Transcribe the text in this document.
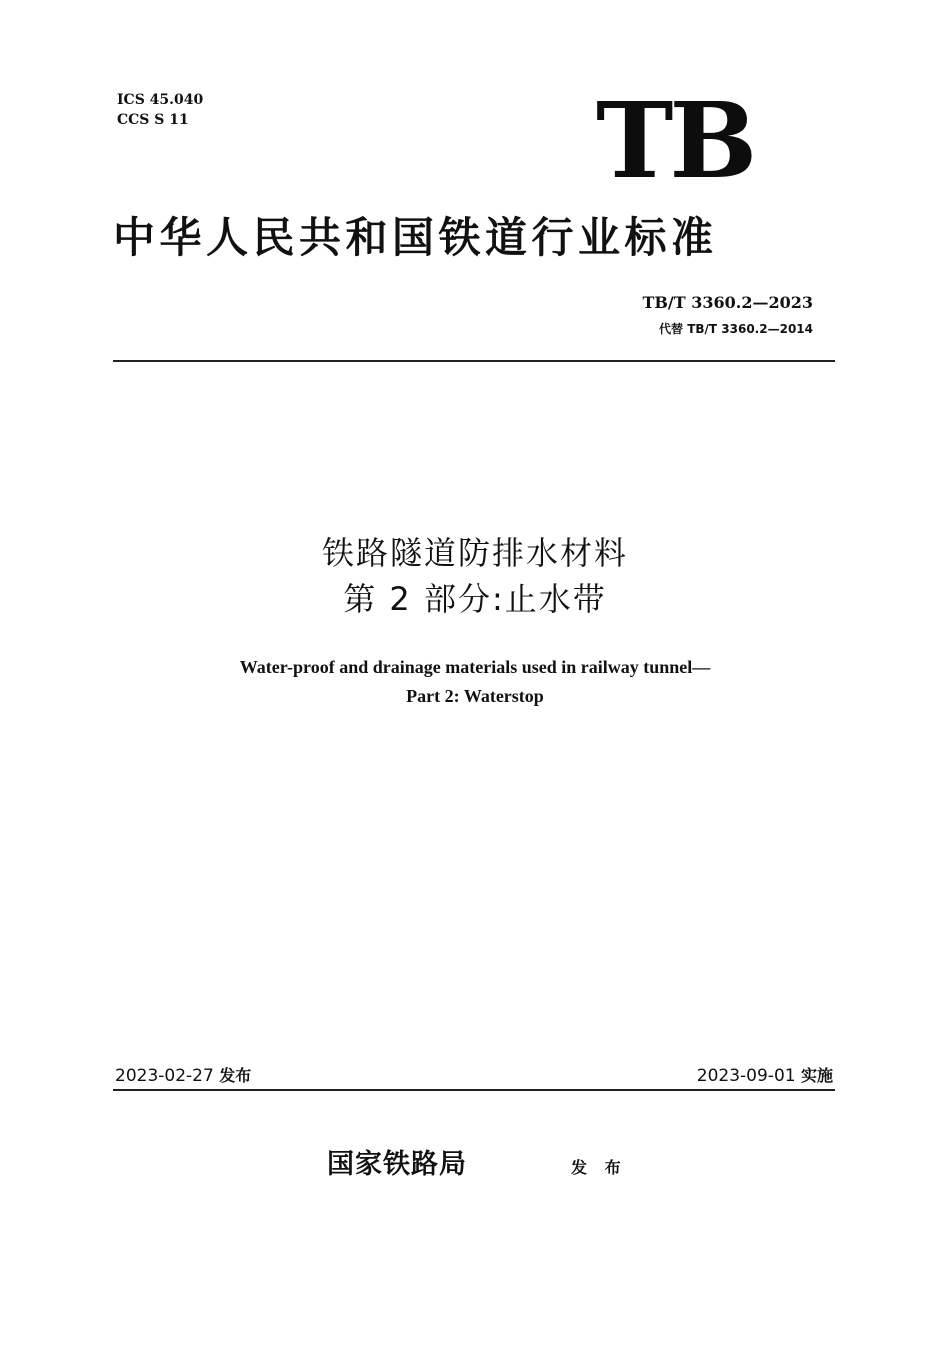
ICS 45.040
CCS S 11	TB
中华人民共和国铁道行业标准
TB/T 3360.2—2023
代替 TB/T 3360.2—2014
铁路隧道防排水材料
第 2 部分:止水带
Water-proof and drainage materials used in railway tunnel—
Part 2: Waterstop
2023-02-27 发布	2023-09-01 实施
国家铁路局	发 布
